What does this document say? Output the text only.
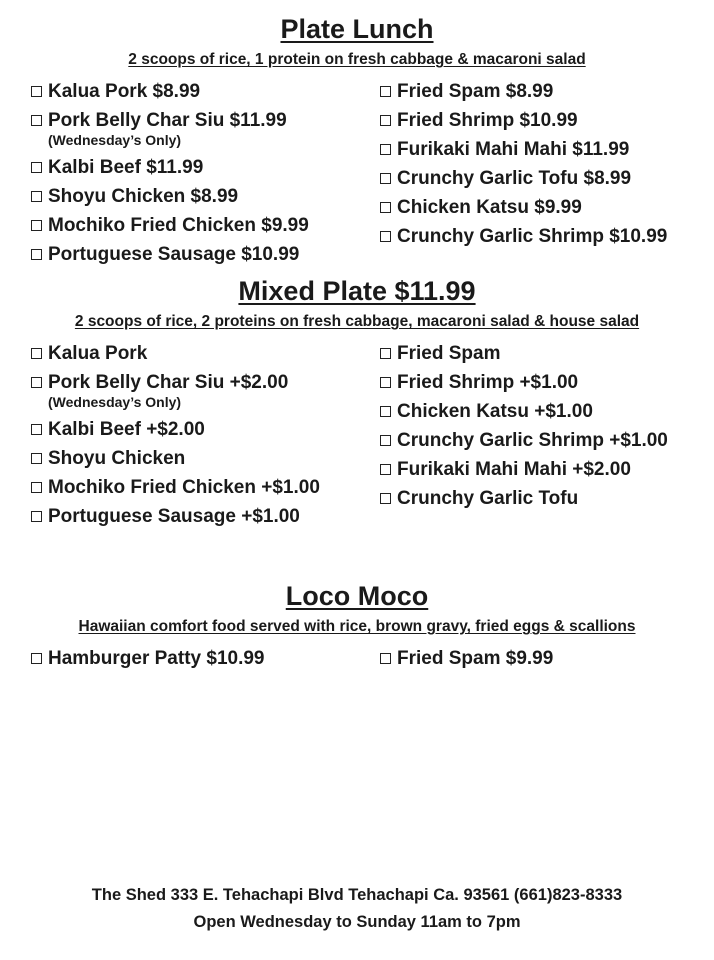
Plate Lunch

2 scoops of rice, 1 protein on fresh cabbage & macaroni salad

Kalua Pork $8.99
Pork Belly Char Siu $11.99
(Wednesday’s Only)
Kalbi Beef $11.99
Shoyu Chicken $8.99
Mochiko Fried Chicken $9.99
Portuguese Sausage $10.99
Fried Spam $8.99
Fried Shrimp $10.99
Furikaki Mahi Mahi $11.99
Crunchy Garlic Tofu $8.99
Chicken Katsu $9.99
Crunchy Garlic Shrimp $10.99
Mixed Plate $11.99

2 scoops of rice, 2 proteins on fresh cabbage, macaroni salad & house salad

Kalua Pork
Pork Belly Char Siu +$2.00
(Wednesday’s Only)
Kalbi Beef +$2.00
Shoyu Chicken
Mochiko Fried Chicken +$1.00
Portuguese Sausage +$1.00
Fried Spam
Fried Shrimp +$1.00
Chicken Katsu +$1.00
Crunchy Garlic Shrimp +$1.00
Furikaki Mahi Mahi +$2.00
Crunchy Garlic Tofu
Loco Moco

Hawaiian comfort food served with rice, brown gravy, fried eggs & scallions

Hamburger Patty $10.99	Fried Spam $9.99
The Shed 333 E. Tehachapi Blvd Tehachapi Ca. 93561 (661)823-8333
Open Wednesday to Sunday 11am to 7pm
